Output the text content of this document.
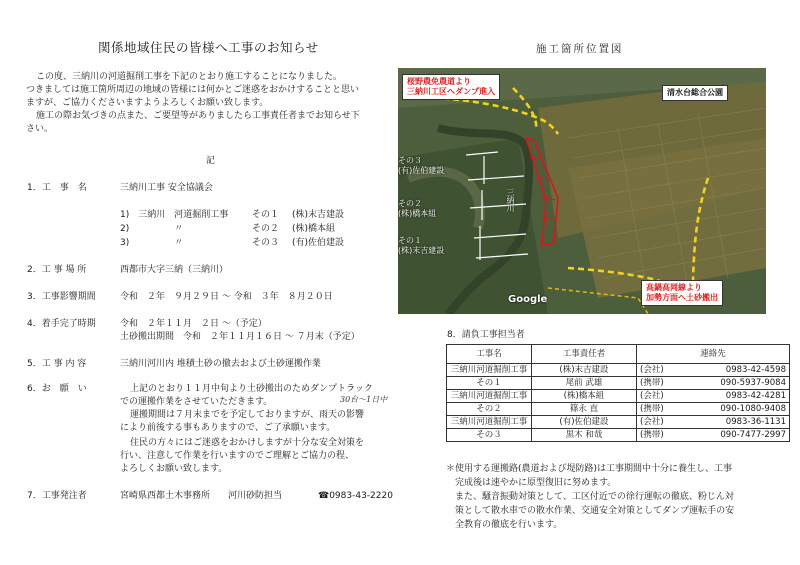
関係地域住民の皆様へ工事のお知らせ
この度、三納川の河道掘削工事を下記のとおり施工することになりました。
つきましては施工箇所周辺の地域の皆様には何かとご迷惑をおかけすることと思い
ますが、ご協力くださいますようよろしくお願い致します。
施工の際お気づきの点また、ご要望等がありましたら工事責任者までお知らせ下
さい。
記
1．工　事　名	三納川工事 安全協議会
1)　三納川　河道掘削工事	その１ (株)末吉建設
2)　　　　　〃	その２ (株)橋本組
3)　　　　　〃	その３ (有)佐伯建設
2．工 事 場 所	西都市大字三納（三納川）
3．工事影響期間	令和　２年　９月２９日 ～ 令和　３年　８月２０日
4．着手完了時期	令和　２年１１月　２日 ～（予定）
土砂搬出期間　令和　２年１１月１６日 ～ ７月末（予定）
5．工 事 内 容	三納川河川内 堆積土砂の撤去および土砂運搬作業
6．お　願　い	上記のとおり１１月中旬より土砂搬出のためダンプトラック
での運搬作業をさせていただきます。
運搬期間は７月末までを予定しておりますが、雨天の影響
により前後する事もありますので、ご了承願います。
住民の方々にはご迷惑をおかけしますが十分な安全対策を
行い、注意して作業を行いますのでご理解とご協力の程、
よろしくお願い致します。
30台～1日中
7．工事発注者	宮崎県西都土木事務所　　河川砂防担当	☎0983-43-2220
施工箇所位置図
桜野農免農道より
三納川工区へダンプ進入	清水台総合公園
高鍋高岡線より
加勢方面へ土砂搬出
その３
(有)佐伯建設
その２
(株)橋本組
その１
(株)末吉建設
三納川
Google
8．請負工事担当者
工事名	工事責任者	連絡先
三納川河道掘削工事	(株)末吉建設	(会社) 0983-42-4598

その１	尾前 武雄	(携帯) 090-5937-9084

三納川河道掘削工事	(株)橋本組	(会社) 0983-42-4281

その２	篠永 直	(携帯) 090-1080-9408

三納川河道掘削工事	(有)佐伯建設	(会社) 0983-36-1131

その３	黒木 和哉	(携帯) 090-7477-2997
＊使用する運搬路(農道および堤防路)は工事期間中十分に養生し、工事
　完成後は速やかに原型復旧に努めます。
　また、騒音振動対策として、工区付近での徐行運転の徹底、粉じん対
　策として散水車での散水作業、交通安全対策としてダンプ運転手の安
　全教育の徹底を行います。
